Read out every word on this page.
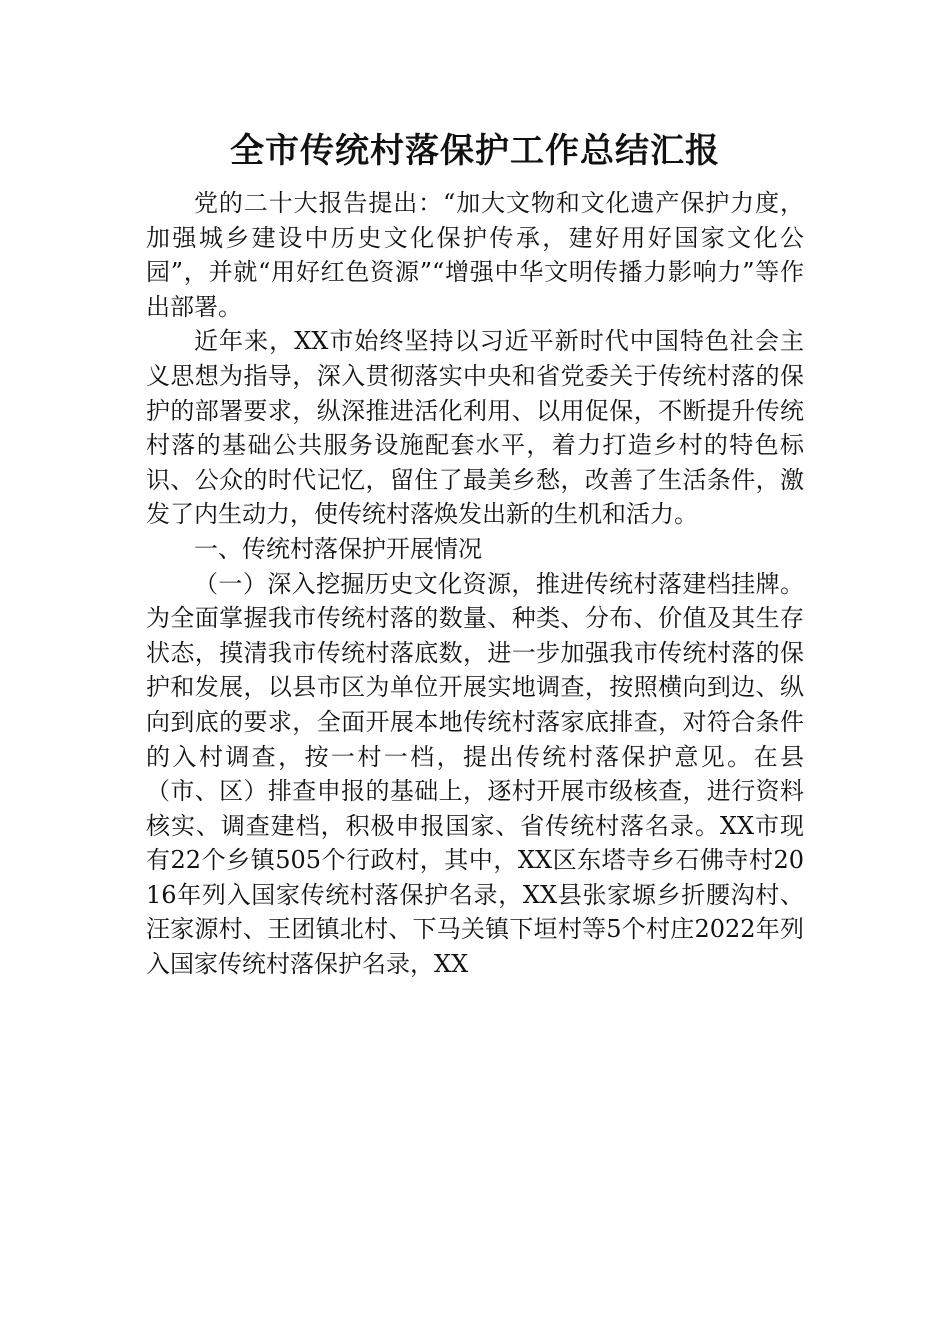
全市传统村落保护工作总结汇报

党的二十大报告提出：“加大文物和文化遗产保护力度，加强城乡建设中历史文化保护传承，建好用好国家文化公园”，并就“用好红色资源”“增强中华文明传播力影响力”等作出部署。

近年来，XX市始终坚持以习近平新时代中国特色社会主义思想为指导，深入贯彻落实中央和省党委关于传统村落的保护的部署要求，纵深推进活化利用、以用促保，不断提升传统村落的基础公共服务设施配套水平，着力打造乡村的特色标识、公众的时代记忆，留住了最美乡愁，改善了生活条件，激发了内生动力，使传统村落焕发出新的生机和活力。

一、传统村落保护开展情况

（一）深入挖掘历史文化资源，推进传统村落建档挂牌。为全面掌握我市传统村落的数量、种类、分布、价值及其生存状态，摸清我市传统村落底数，进一步加强我市传统村落的保护和发展，以县市区为单位开展实地调查，按照横向到边、纵向到底的要求，全面开展本地传统村落家底排查，对符合条件的入村调查，按一村一档，提出传统村落保护意见。在县（市、区）排查申报的基础上，逐村开展市级核查，进行资料核实、调查建档，积极申报国家、省传统村落名录。XX市现有22个乡镇505个行政村，其中，XX区东塔寺乡石佛寺村2016年列入国家传统村落保护名录，XX县张家塬乡折腰沟村、汪家源村、王团镇北村、下马关镇下垣村等5个村庄2022年列入国家传统村落保护名录，XX
